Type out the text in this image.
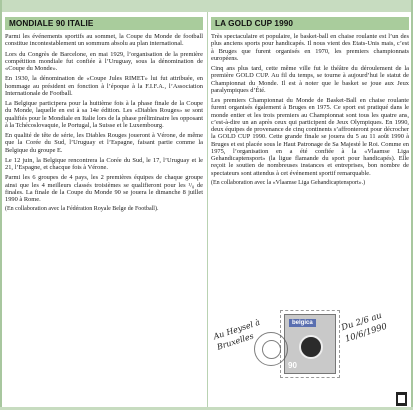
MONDIALE 90 ITALIE

Parmi les événements sportifs au sommet, la Coupe du Monde de football constitue incontestablement un sommum absolu au plan international.

Lors du Congrès de Barcelone, en mai 1929, l’organisation de la première compétition mondiale fut confiée à l’Uruguay, sous la dénomination de «Coupe du Monde».

En 1930, la dénomination de «Coupe Jules RIMET» lui fut attribuée, en hommage au président en fonction à l’époque à la F.I.F.A., l’Association Internationale de Football.

La Belgique participera pour la huitième fois à la phase finale de la Coupe du Monde, laquelle en est à sa 14e édition. Les «Diables Rouges» se sont qualifiés pour le Mondiale en Italie lors de la phase préliminaire les opposant à la Tchécoslovaquie, le Portugal, la Suisse et le Luxembourg.

En qualité de tête de série, les Diables Rouges joueront à Vérone, de même que la Corée du Sud, l’Uruguay et l’Espagne, faisant partie comme la Belgique du groupe E.

Le 12 juin, la Belgique rencontrera la Corée du Sud, le 17, l’Uruguay et le 21, l’Espagne, et chacque fois à Vérone.

Parmi les 6 groupes de 4 pays, les 2 premières équipes de chaque groupe ainsi que les 4 meilleurs classés troisièmes se qualifieront pour les ¹/₈ de finales. La finale de la Coupe du Monde 90 se jouera le dimanche 8 juillet 1990 à Rome.

(En collaboration avec la Fédération Royale Belge de Football).

LA GOLD CUP 1990

Très spectaculaire et populaire, le basket-ball en chaise roulante est l’un des plus anciens sports pour handicapés. Il nous vient des Etats-Unis mais, c’est à Bruges que furent organisés en 1970, les premiers championnats européens.

Cinq ans plus tard, cette même ville fut le théâtre du déroulement de la première GOLD CUP. Au fil du temps, se tourne à aujourd’hui le statut de Championnat du Monde. Il est à noter que le basket se joue aux Jeux paralympiques d’Été.

Les premiers Championnat du Monde de Basket-Ball en chaise roulante furent organisés également à Bruges en 1975. Ce sport est pratiqué dans le monde entier et les trois premiers au Championnat sont tous les quatre ans, c’est-à-dire un an après ceux qui participent de Jeux Olympiques. En 1990, deux équipes de provenance de cinq continents s’affronteront pour décrocher la GOLD CUP 1990. Cette grande finale se jouera du 5 au 11 août 1990 à Bruges et est placée sous le Haut Patronage de Sa Majesté le Roi. Comme en 1975, l’organisation en a été confiée à la «Vlaamse Liga Gehandicaptensport» (la ligue flamande du sport pour handicapés). Elle reçoit le soutien de nombreuses instances et entreprises, bon nombre de spectateurs sont attendus à cet événement sportif remarquable.

(En collaboration avec la «Vlaamse Liga Gehandicaptensport».)

Au Heysel à Bruxelles
belgica
90
Du 2/6 au 10/6/1990
